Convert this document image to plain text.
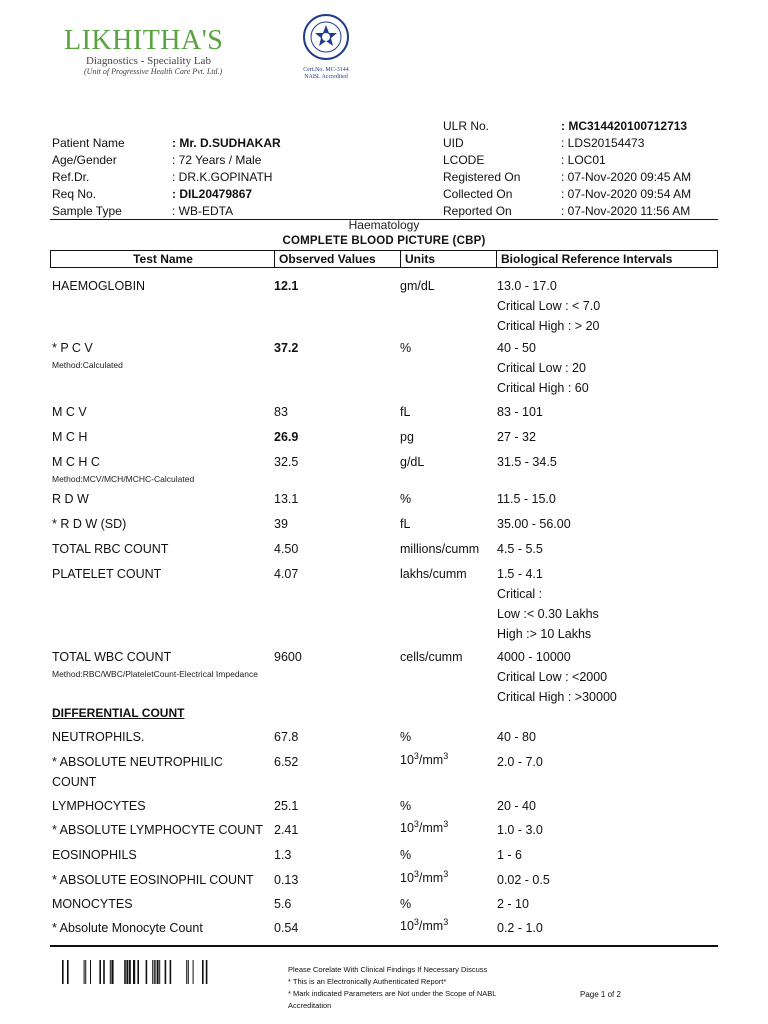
LIKHITHA'S
Diagnostics - Speciality Lab
(Unit of Progressive Health Care Pvt. Ltd.)	Cert.No. MC-3144
NABL Accredited
Patient Name	: Mr. D.SUDHAKAR
Age/Gender	: 72 Years / Male
Ref.Dr.	: DR.K.GOPINATH
Req No.	: DIL20479867
Sample Type	: WB-EDTA
ULR No.	: MC314420100712713
UID	: LDS20154473
LCODE	: LOC01
Registered On	: 07-Nov-2020 09:45 AM
Collected On	: 07-Nov-2020 09:54 AM
Reported On	: 07-Nov-2020 11:56 AM
Haematology
COMPLETE BLOOD PICTURE (CBP)
Test Name	Observed Values	Units	Biological Reference Intervals
HAEMOGLOBIN	12.1	gm/dL	13.0 - 17.0
Critical Low : < 7.0
Critical High : > 20
* P C V
Method:Calculated
37.2	%	40 - 50
Critical Low : 20
Critical High : 60
M C V	83	fL	83 - 101
M C H	26.9	pg	27 - 32
M C H C
Method:MCV/MCH/MCHC-Calculated
32.5	g/dL	31.5 - 34.5
R D W	13.1	%	11.5 - 15.0
* R D W (SD)	39	fL	35.00 - 56.00
TOTAL RBC COUNT	4.50	millions/cumm 4.5 - 5.5
PLATELET COUNT	4.07	lakhs/cumm 1.5 - 4.1
Critical :
Low :< 0.30 Lakhs
High :> 10 Lakhs
TOTAL WBC COUNT
Method:RBC/WBC/PlateletCount-Electrical Impedance
9600	cells/cumm	4000 - 10000
Critical Low : <2000
Critical High : >30000
DIFFERENTIAL COUNT
NEUTROPHILS.	67.8	%	40 - 80
* ABSOLUTE NEUTROPHILIC
COUNT
6.52	$10^3/mm^3$	2.0 - 7.0
LYMPHOCYTES	25.1	%	20 - 40
* ABSOLUTE LYMPHOCYTE COUNT 2.41	$10^3/mm^3$	1.0 - 3.0
EOSINOPHILS	1.3	%	1 - 6
* ABSOLUTE EOSINOPHIL COUNT 0.13	$10^3/mm^3$	0.02 - 0.5
MONOCYTES	5.6	%	2 - 10
* Absolute Monocyte Count	0.54	$10^3/mm^3$	0.2 - 1.0
Please Corelate With Clinical Findings If Necessary Discuss
* This is an Electronically Authenticated Report*
* Mark indicated Parameters are Not under the Scope of NABL
Accreditation
Page 1 of 2
